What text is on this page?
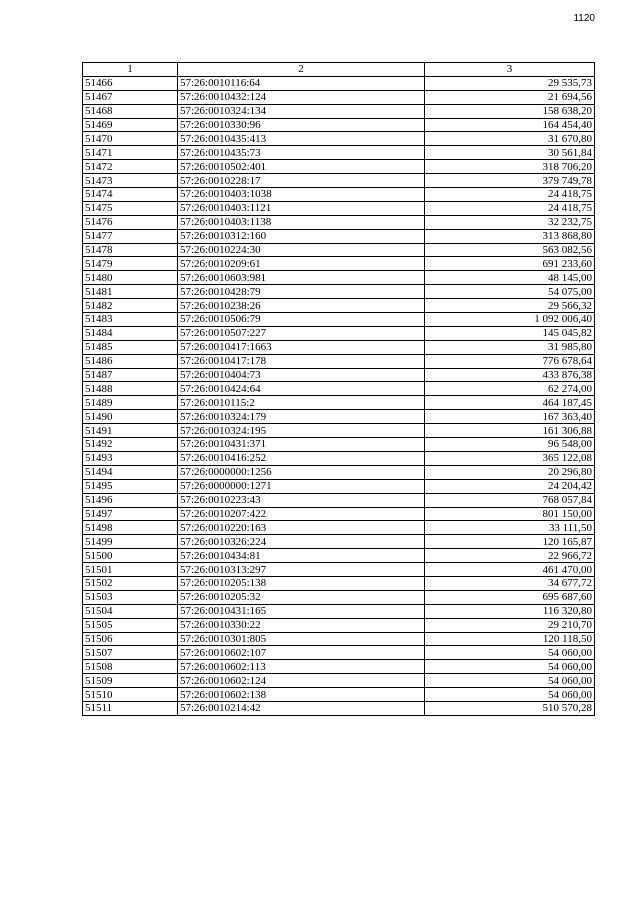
1120
1	2	3
51466	57:26:0010116:64	29 535,73
51467	57:26:0010432:124	21 694,56
51468	57:26:0010324:134	158 638,20
51469	57:26:0010330:96	164 454,40
51470	57:26:0010435:413	31 670,80
51471	57:26:0010435:73	30 561,84
51472	57:26:0010502:401	318 706,20
51473	57:26:0010228:17	379 749,78
51474	57:26:0010403:1038	24 418,75
51475	57:26:0010403:1121	24 418,75
51476	57:26:0010403:1138	32 232,75
51477	57:26:0010312:160	313 868,80
51478	57:26:0010224:30	563 082,56
51479	57:26:0010209:61	691 233,60
51480	57:26:0010603:981	48 145,00
51481	57:26:0010428:79	54 075,00
51482	57:26:0010238:26	29 566,32
51483	57:26:0010506:79	1 092 006,40
51484	57:26:0010507:227	145 045,82
51485	57:26:0010417:1663	31 985,80
51486	57:26:0010417:178	776 678,64
51487	57:26:0010404:73	433 876,38
51488	57:26:0010424:64	62 274,00
51489	57:26:0010115:2	464 187,45
51490	57:26:0010324:179	167 363,40
51491	57:26:0010324:195	161 306,88
51492	57:26:0010431:371	96 548,00
51493	57:26:0010416:252	365 122,08
51494	57:26:0000000:1256	20 296,80
51495	57:26:0000000:1271	24 204,42
51496	57:26:0010223:43	768 057,84
51497	57:26:0010207:422	801 150,00
51498	57:26:0010220:163	33 111,50
51499	57:26:0010326:224	120 165,87
51500	57:26:0010434:81	22 966,72
51501	57:26:0010313:297	461 470,00
51502	57:26:0010205:138	34 677,72
51503	57:26:0010205:32	695 687,60
51504	57:26:0010431:165	116 320,80
51505	57:26:0010330:22	29 210,70
51506	57:26:0010301:805	120 118,50
51507	57:26:0010602:107	54 060,00
51508	57:26:0010602:113	54 060,00
51509	57:26:0010602:124	54 060,00
51510	57:26:0010602:138	54 060,00
51511	57:26:0010214:42	510 570,28
